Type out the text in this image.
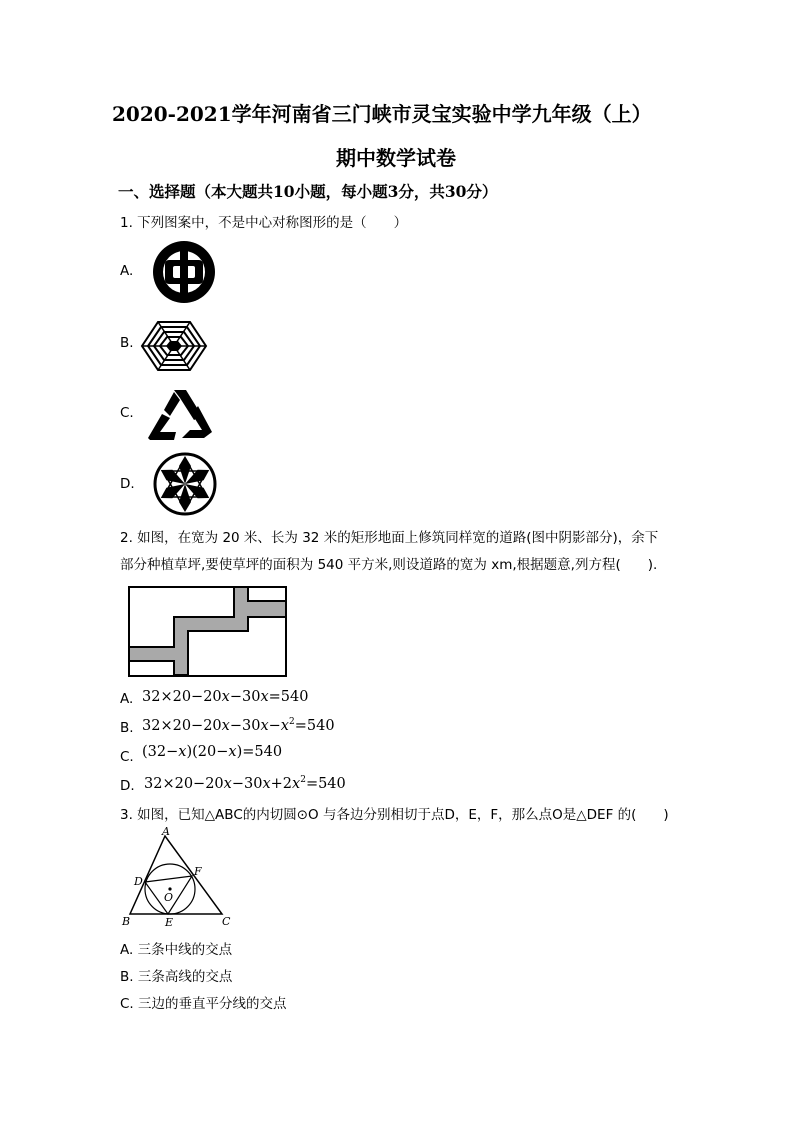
2020-2021学年河南省三门峡市灵宝实验中学九年级（上）
期中数学试卷
一、选择题（本大题共10小题，每小题3分，共30分）
1. 下列图案中，不是中心对称图形的是（　　）
A.
B.
C.
D.
2. 如图，在宽为 20 米、长为 32 米的矩形地面上修筑同样宽的道路(图中阴影部分)，余下
部分种植草坪,要使草坪的面积为 540 平方米,则设道路的宽为 xm,根据题意,列方程(　　).
A. 32×20−20x−30x=540
B. $32\times 20-20x-30x-x^2=540$
C. (32−x)(20−x)=540
D. $32\times 20-20x-30x+2x^2=540$
3. 如图，已知△ABC的内切圆⊙O 与各边分别相切于点D，E，F，那么点O是△DEF 的(　　)
A
B	C
D
E
F
O
A. 三条中线的交点
B. 三条高线的交点
C. 三边的垂直平分线的交点
